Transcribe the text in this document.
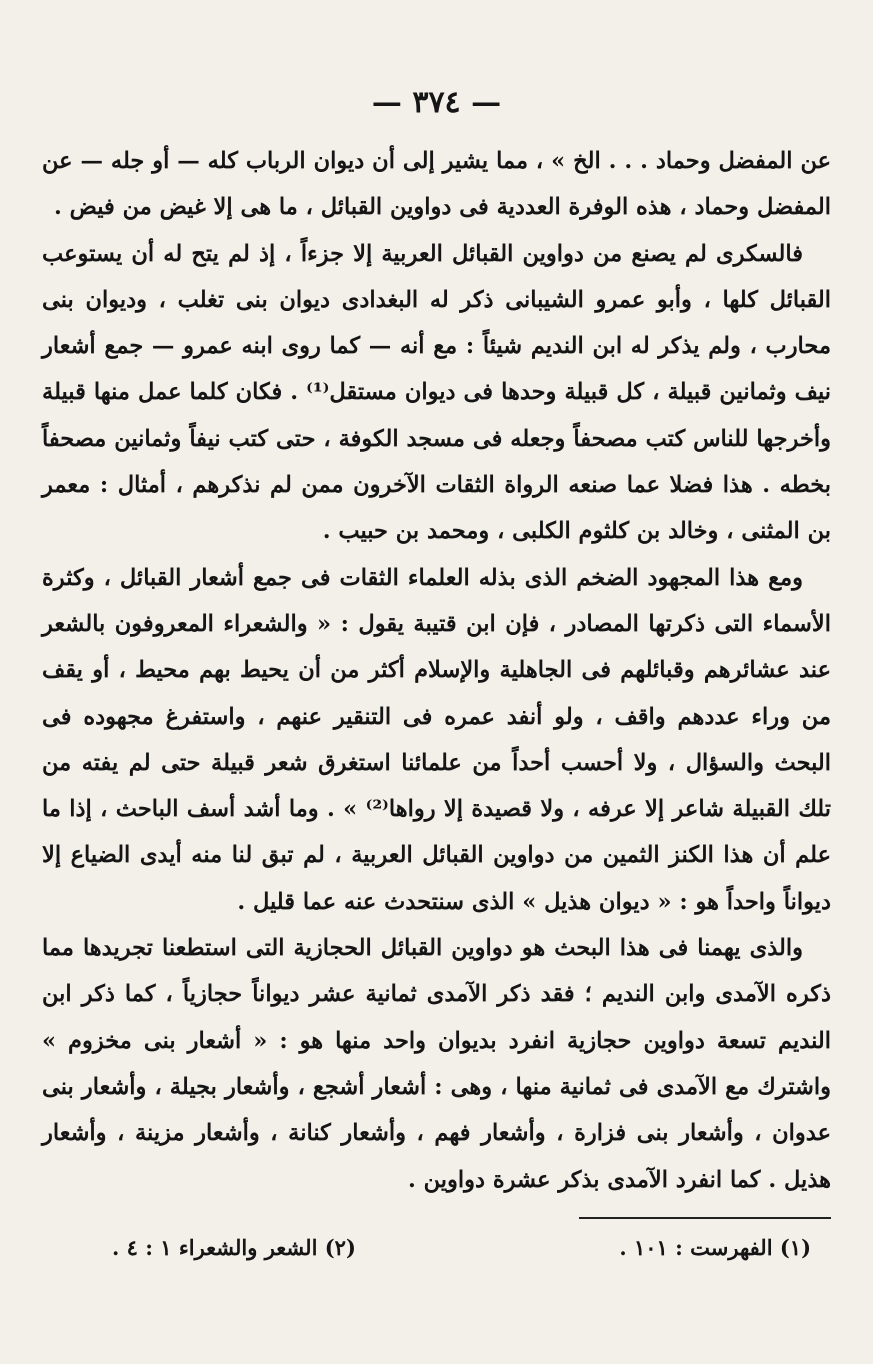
— ٣٧٤ —

عن المفضل وحماد . . . الخ » ، مما يشير إلى أن ديوان الرباب كله — أو جله — عن المفضل وحماد ، هذه الوفرة العددية فى دواوين القبائل ، ما هى إلا غيض من فيض .

فالسكرى لم يصنع من دواوين القبائل العربية إلا جزءاً ، إذ لم يتح له أن يستوعب القبائل كلها ، وأبو عمرو الشيبانى ذكر له البغدادى ديوان بنى تغلب ، وديوان بنى محارب ، ولم يذكر له ابن النديم شيئاً : مع أنه — كما روى ابنه عمرو — جمع أشعار نيف وثمانين قبيلة ، كل قبيلة وحدها فى ديوان مستقل⁽¹⁾ . فكان كلما عمل منها قبيلة وأخرجها للناس كتب مصحفاً وجعله فى مسجد الكوفة ، حتى كتب نيفاً وثمانين مصحفاً بخطه . هذا فضلا عما صنعه الرواة الثقات الآخرون ممن لم نذكرهم ، أمثال : معمر بن المثنى ، وخالد بن كلثوم الكلبى ، ومحمد بن حبيب .

ومع هذا المجهود الضخم الذى بذله العلماء الثقات فى جمع أشعار القبائل ، وكثرة الأسماء التى ذكرتها المصادر ، فإن ابن قتيبة يقول : « والشعراء المعروفون بالشعر عند عشائرهم وقبائلهم فى الجاهلية والإسلام أكثر من أن يحيط بهم محيط ، أو يقف من وراء عددهم واقف ، ولو أنفد عمره فى التنقير عنهم ، واستفرغ مجهوده فى البحث والسؤال ، ولا أحسب أحداً من علمائنا استغرق شعر قبيلة حتى لم يفته من تلك القبيلة شاعر إلا عرفه ، ولا قصيدة إلا رواها⁽²⁾ » . وما أشد أسف الباحث ، إذا ما علم أن هذا الكنز الثمين من دواوين القبائل العربية ، لم تبق لنا منه أيدى الضياع إلا ديواناً واحداً هو : « ديوان هذيل » الذى سنتحدث عنه عما قليل .

والذى يهمنا فى هذا البحث هو دواوين القبائل الحجازية التى استطعنا تجريدها مما ذكره الآمدى وابن النديم ؛ فقد ذكر الآمدى ثمانية عشر ديواناً حجازياً ، كما ذكر ابن النديم تسعة دواوين حجازية انفرد بديوان واحد منها هو : « أشعار بنى مخزوم » واشترك مع الآمدى فى ثمانية منها ، وهى : أشعار أشجع ، وأشعار بجيلة ، وأشعار بنى عدوان ، وأشعار بنى فزارة ، وأشعار فهم ، وأشعار كنانة ، وأشعار مزينة ، وأشعار هذيل . كما انفرد الآمدى بذكر عشرة دواوين .

(١) الفهرست : ١٠١ .
(٢) الشعر والشعراء ١ : ٤ .
